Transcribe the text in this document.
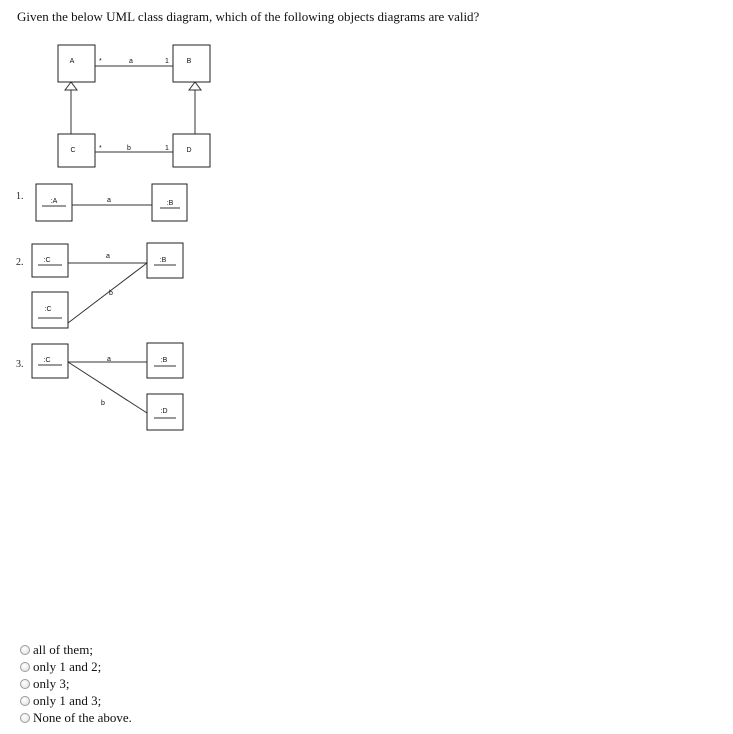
Given the below UML class diagram, which of the following objects diagrams are valid?
A	B
C	D
*	a	1
*	b	1
1.	:A	:B
a
2.	:C	:B
:C
a
b
3.	:C	:B
:D
a
b
all of them;
only 1 and 2;
only 3;
only 1 and 3;
None of the above.
